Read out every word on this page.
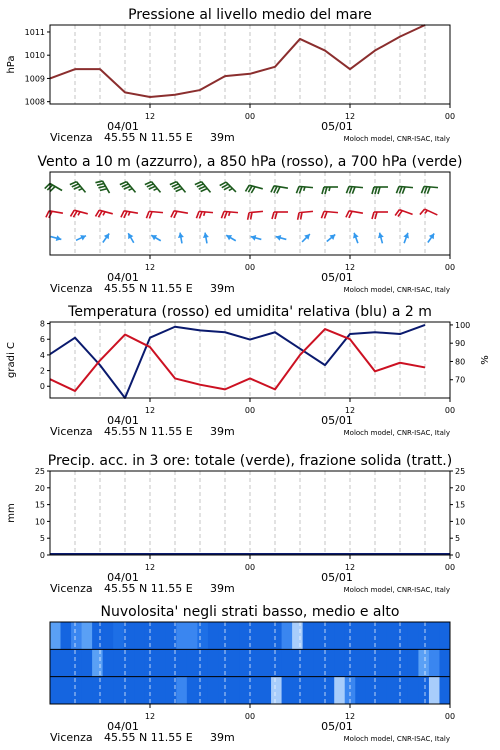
Pressione al livello medio del mare
12	00	12	00
04/01	05/01
Vicenza 45.55 N 11.55 E 39m	Moloch model, CNR-ISAC, Italy
1008
1009
1010
1011
hPa
Vento a 10 m (azzurro), a 850 hPa (rosso), a 700 hPa (verde)
12	00	12	00
04/01	05/01
Vicenza 45.55 N 11.55 E 39m	Moloch model, CNR-ISAC, Italy
Temperatura (rosso) ed umidita' relativa (blu) a 2 m
12	00	12	00
04/01	05/01
Vicenza 45.55 N 11.55 E 39m	Moloch model, CNR-ISAC, Italy
0
2
4
6
8
70
80
90
100
gradi C	%
Precip. acc. in 3 ore: totale (verde), frazione solida (tratt.)
12	00	12	00
04/01	05/01
Vicenza 45.55 N 11.55 E 39m	Moloch model, CNR-ISAC, Italy
0
5
10
15
20
25
0
5
10
15
20
25
mm
Nuvolosita' negli strati basso, medio e alto
12	00	12	00
04/01	05/01
Vicenza 45.55 N 11.55 E 39m	Moloch model, CNR-ISAC, Italy
